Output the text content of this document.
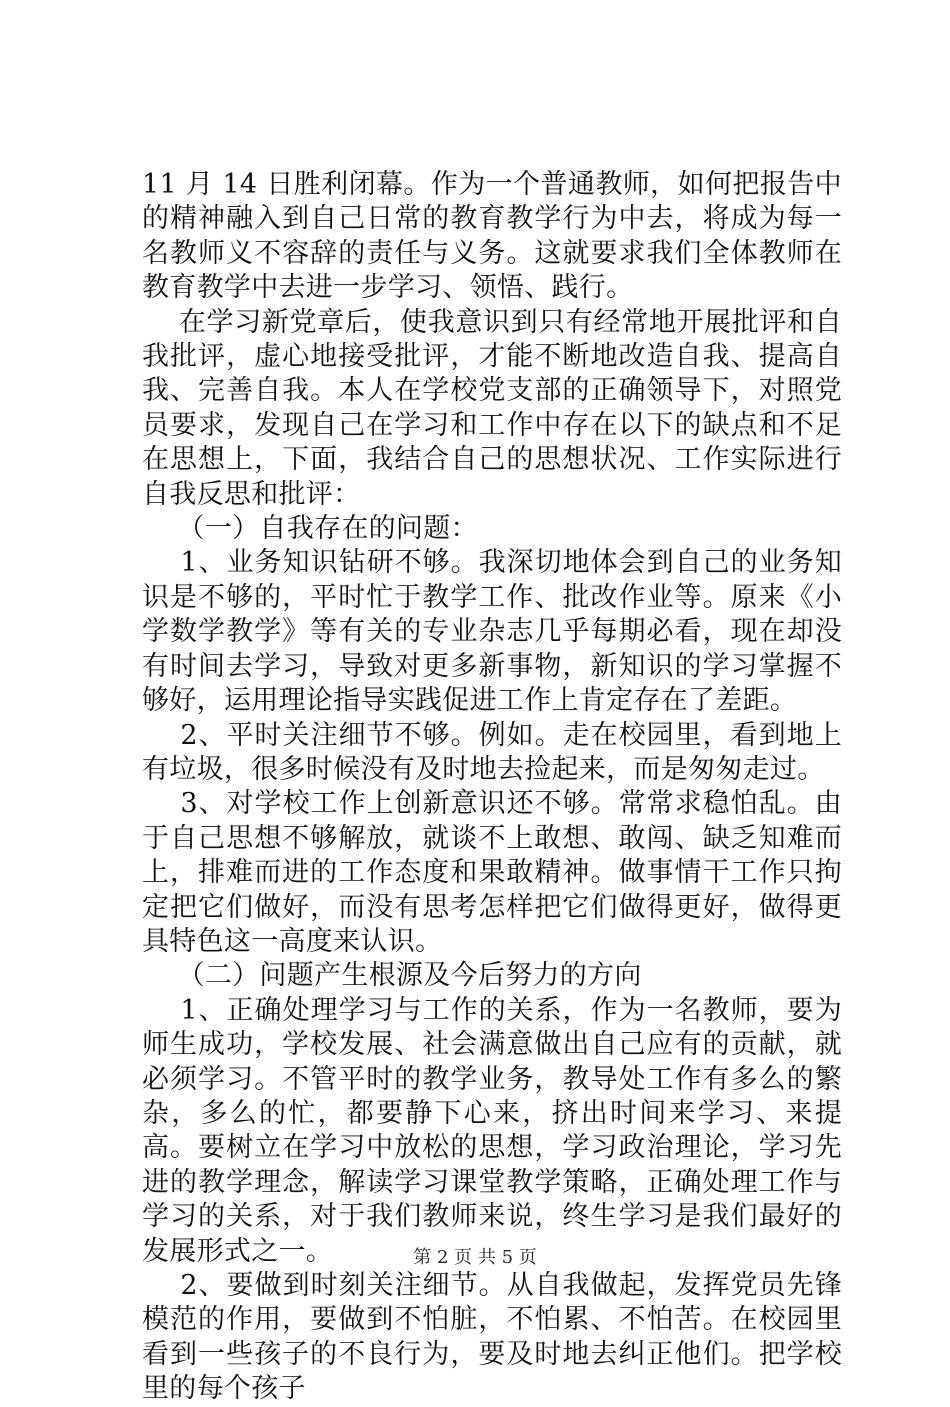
11 月 14 日胜利闭幕。作为一个普通教师，如何把报告中的精神融入到自己日常的教育教学行为中去，将成为每一名教师义不容辞的责任与义务。这就要求我们全体教师在教育教学中去进一步学习、领悟、践行。

在学习新党章后，使我意识到只有经常地开展批评和自我批评，虚心地接受批评，才能不断地改造自我、提高自我、完善自我。本人在学校党支部的正确领导下，对照党员要求，发现自己在学习和工作中存在以下的缺点和不足在思想上，下面，我结合自己的思想状况、工作实际进行自我反思和批评：

（一）自我存在的问题：

1、业务知识钻研不够。我深切地体会到自己的业务知识是不够的，平时忙于教学工作、批改作业等。原来《小学数学教学》等有关的专业杂志几乎每期必看，现在却没有时间去学习，导致对更多新事物，新知识的学习掌握不够好，运用理论指导实践促进工作上肯定存在了差距。

2、平时关注细节不够。例如。走在校园里，看到地上有垃圾，很多时候没有及时地去捡起来，而是匆匆走过。

3、对学校工作上创新意识还不够。常常求稳怕乱。由于自己思想不够解放，就谈不上敢想、敢闯、缺乏知难而上，排难而进的工作态度和果敢精神。做事情干工作只拘定把它们做好，而没有思考怎样把它们做得更好，做得更具特色这一高度来认识。

（二）问题产生根源及今后努力的方向

1、正确处理学习与工作的关系，作为一名教师，要为师生成功，学校发展、社会满意做出自己应有的贡献，就必须学习。不管平时的教学业务，教导处工作有多么的繁杂，多么的忙，都要静下心来，挤出时间来学习、来提高。要树立在学习中放松的思想，学习政治理论，学习先进的教学理念，解读学习课堂教学策略，正确处理工作与学习的关系，对于我们教师来说，终生学习是我们最好的发展形式之一。

2、要做到时刻关注细节。从自我做起，发挥党员先锋模范的作用，要做到不怕脏，不怕累、不怕苦。在校园里看到一些孩子的不良行为，要及时地去纠正他们。把学校里的每个孩子

第 2 页 共 5 页
